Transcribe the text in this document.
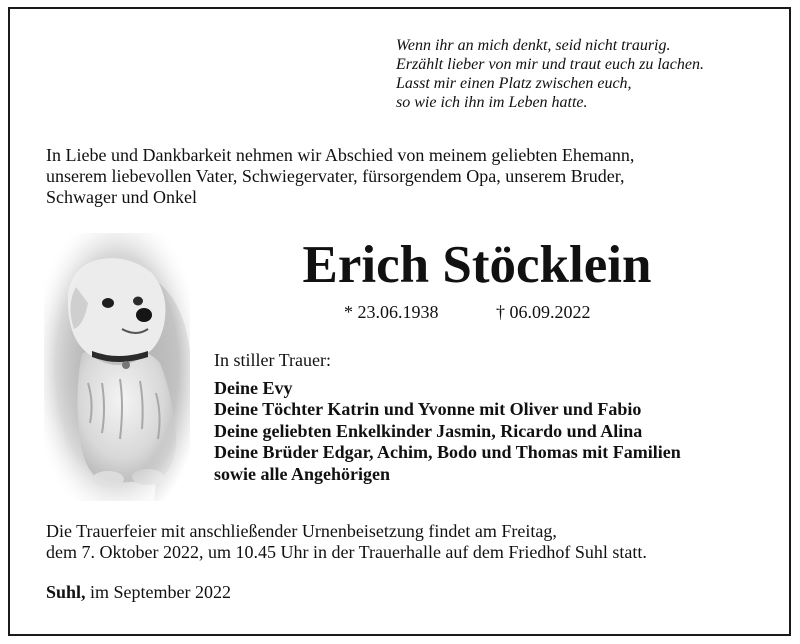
Wenn ihr an mich denkt, seid nicht traurig.
Erzählt lieber von mir und traut euch zu lachen.
Lasst mir einen Platz zwischen euch,
so wie ich ihn im Leben hatte.
In Liebe und Dankbarkeit nehmen wir Abschied von meinem geliebten Ehemann,
unserem liebevollen Vater, Schwiegervater, fürsorgendem Opa, unserem Bruder,
Schwager und Onkel
Erich Stöcklein
* 23.06.1938	† 06.09.2022
In stiller Trauer:
Deine Evy
Deine Töchter Katrin und Yvonne mit Oliver und Fabio
Deine geliebten Enkelkinder Jasmin, Ricardo und Alina
Deine Brüder Edgar, Achim, Bodo und Thomas mit Familien
sowie alle Angehörigen
Die Trauerfeier mit anschließender Urnenbeisetzung findet am Freitag,
dem 7. Oktober 2022, um 10.45 Uhr in der Trauerhalle auf dem Friedhof Suhl statt.
Suhl, im September 2022
